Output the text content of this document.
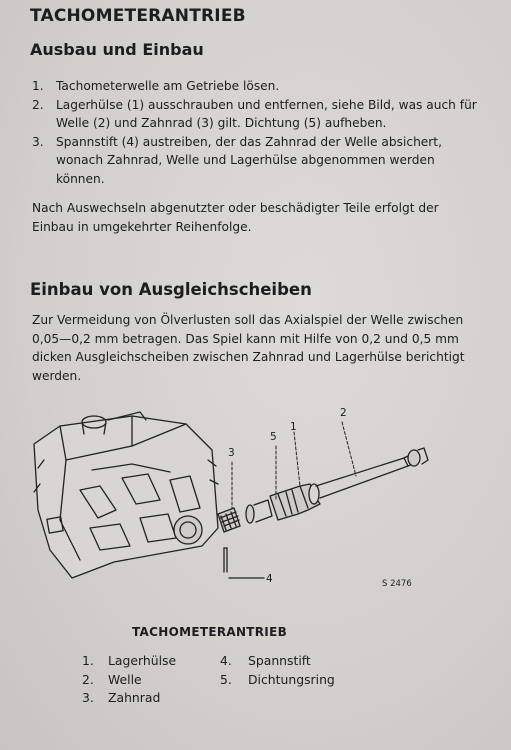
TACHOMETERANTRIEB
Ausbau und Einbau
1. Tachometerwelle am Getriebe lösen.
2. Lagerhülse (1) ausschrauben und entfernen, siehe Bild, was auch für Welle (2) und Zahnrad (3) gilt. Dichtung (5) aufheben.
3. Spannstift (4) austreiben, der das Zahnrad der Welle absichert, wonach Zahnrad, Welle und Lagerhülse abgenommen werden können.

Nach Auswechseln abgenutzter oder beschädigter Teile erfolgt der Einbau in umgekehrter Reihenfolge.

Einbau von Ausgleichscheiben

Zur Vermeidung von Ölverlusten soll das Axialspiel der Welle zwischen 0,05—0,2 mm betragen. Das Spiel kann mit Hilfe von 0,2 und 0,5 mm dicken Ausgleichscheiben zwischen Zahnrad und Lagerhülse berichtigt werden.

3
5
1
2
4	S 2476

TACHOMETERANTRIEB

1. Lagerhülse
2. Welle
3. Zahnrad
4. Spannstift
5. Dichtungsring
